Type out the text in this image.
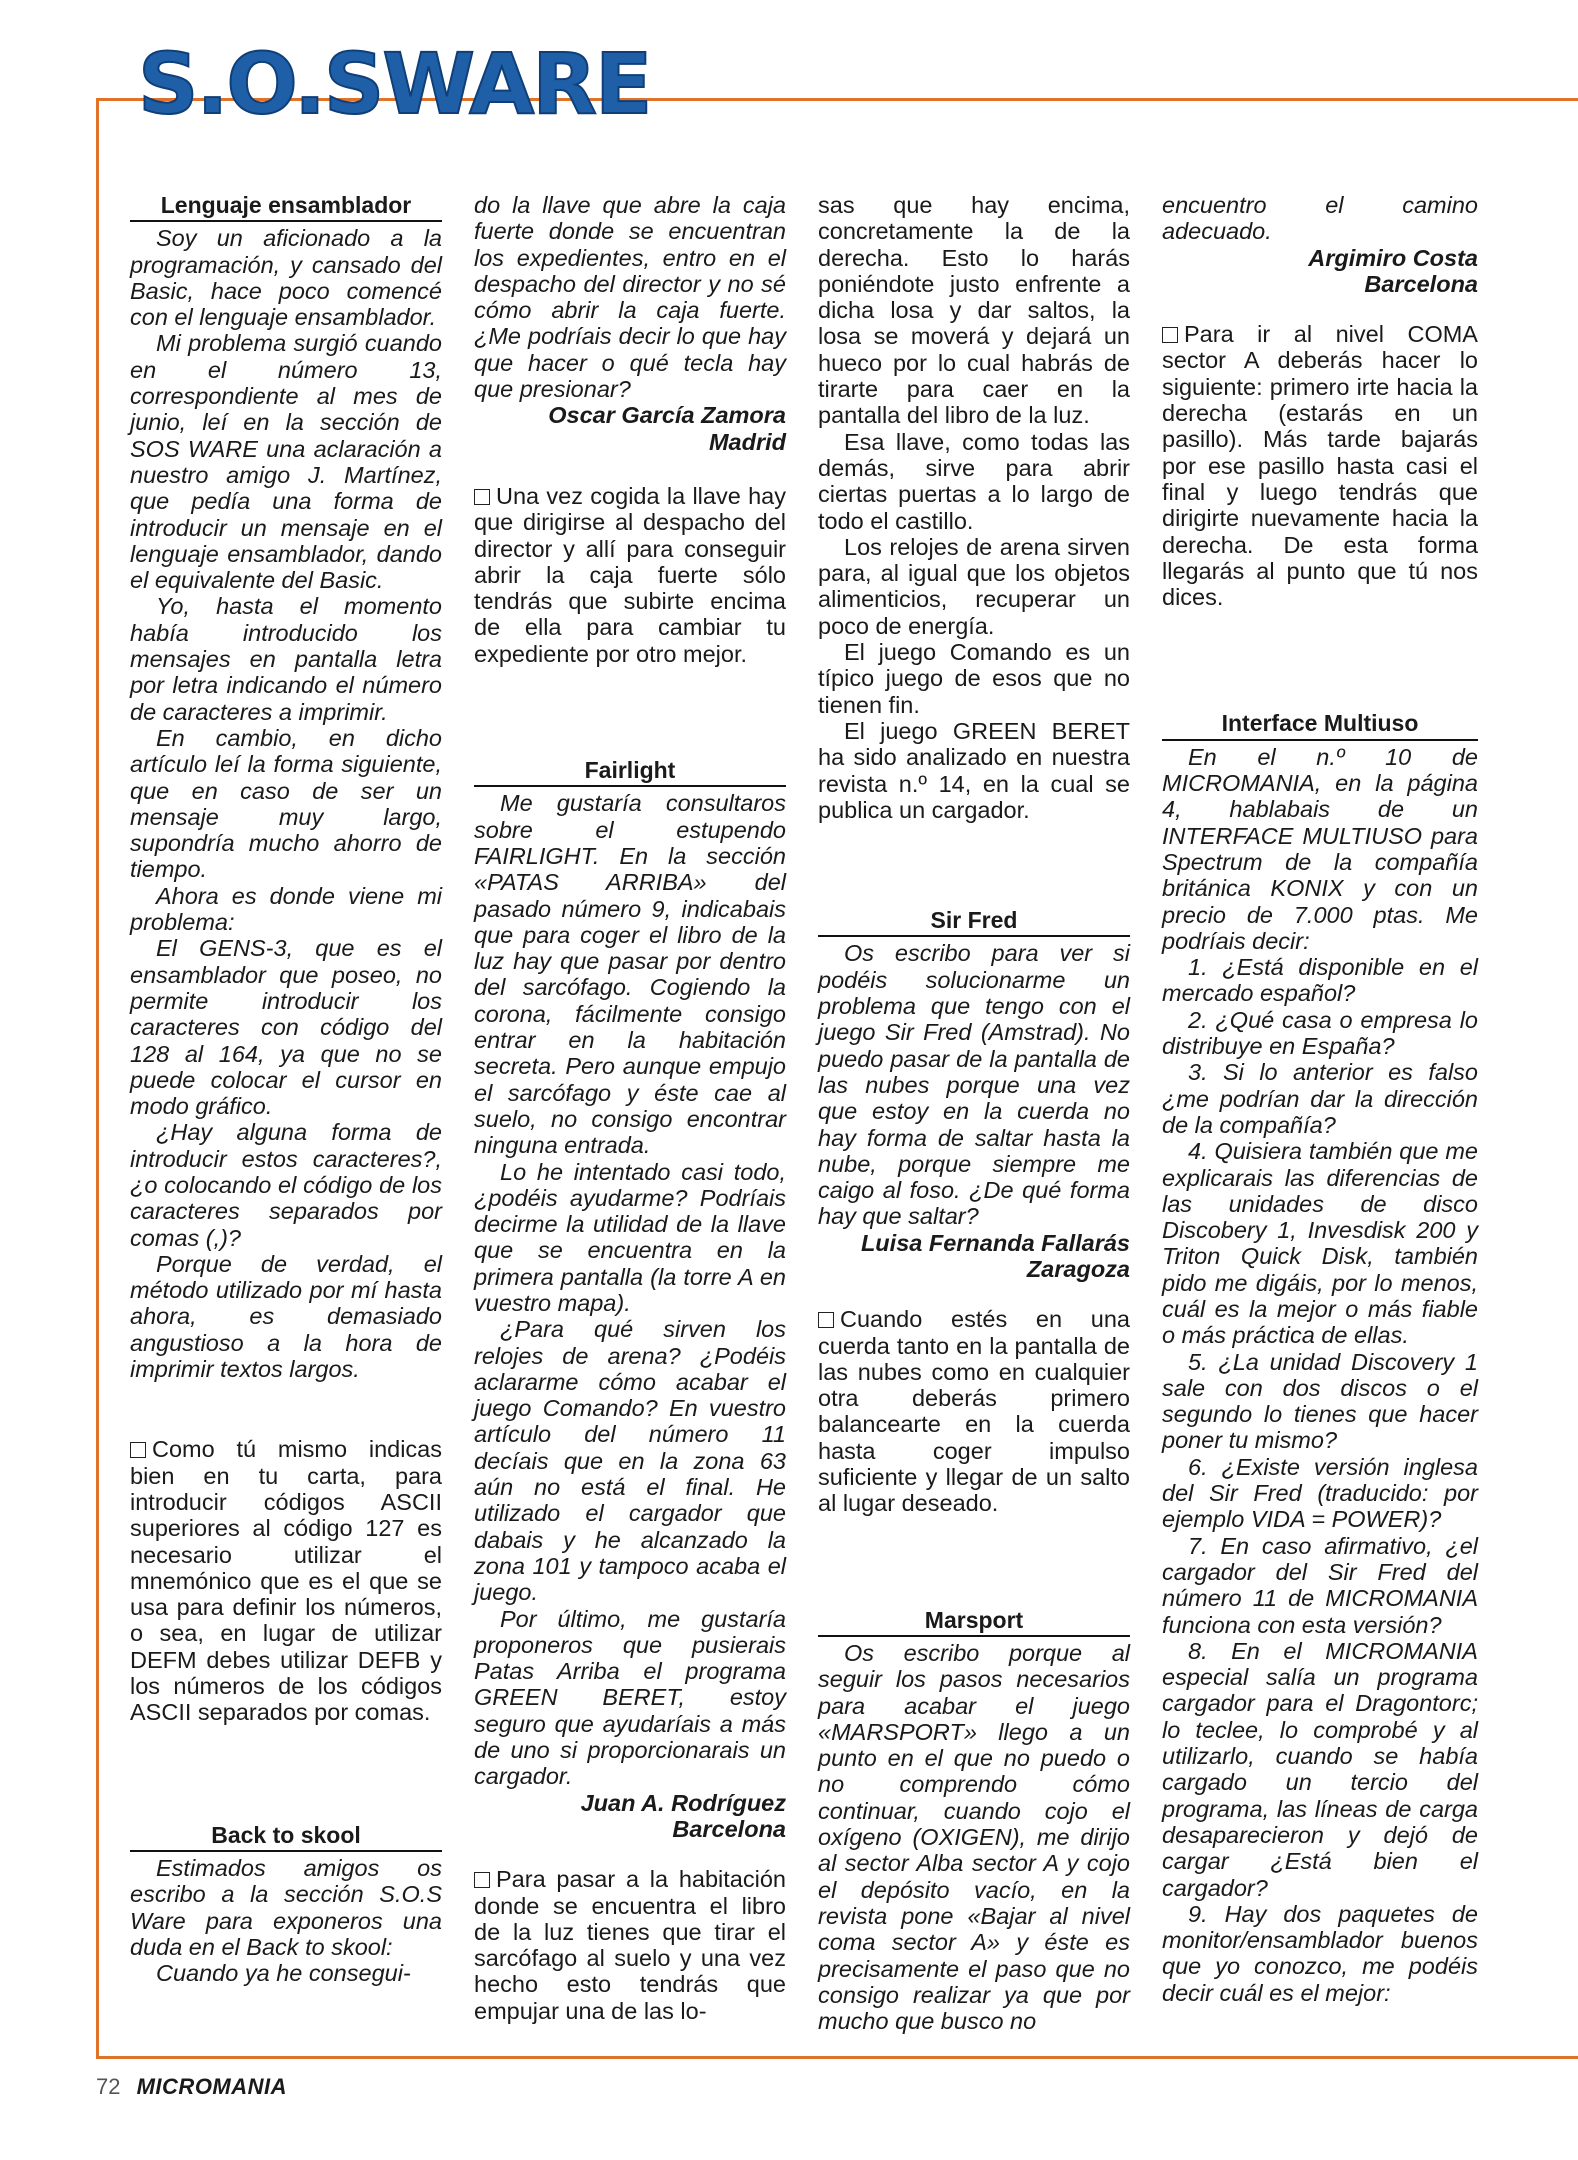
S.O.SWARE
Lenguaje ensamblador

Soy un aficionado a la programación, y cansado del Basic, hace poco comencé con el lenguaje ensamblador.

Mi problema surgió cuando en el número 13, correspondiente al mes de junio, leí en la sección de SOS WARE una aclaración a nuestro amigo J. Martínez, que pedía una forma de introducir un mensaje en el lenguaje ensamblador, dando el equivalente del Basic.

Yo, hasta el momento había introducido los mensajes en pantalla letra por letra indicando el número de caracteres a imprimir.

En cambio, en dicho artículo leí la forma siguiente, que en caso de ser un mensaje muy largo, supondría mucho ahorro de tiempo.

Ahora es donde viene mi problema:

El GENS-3, que es el ensamblador que poseo, no permite introducir los caracteres con código del 128 al 164, ya que no se puede colocar el cursor en modo gráfico.

¿Hay alguna forma de introducir estos caracteres?, ¿o colocando el código de los caracteres separados por comas (,)?

Porque de verdad, el método utilizado por mí hasta ahora, es demasiado angustioso a la hora de imprimir textos largos.

Como tú mismo indicas bien en tu carta, para introducir códigos ASCII superiores al código 127 es necesario utilizar el mnemónico que es el que se usa para definir los números, o sea, en lugar de utilizar DEFM debes utilizar DEFB y los números de los códigos ASCII separados por comas.

Back to skool

Estimados amigos os escribo a la sección S.O.S Ware para exponeros una duda en el Back to skool:

Cuando ya he consegui-

do la llave que abre la caja fuerte donde se encuentran los expedientes, entro en el despacho del director y no sé cómo abrir la caja fuerte. ¿Me podríais decir lo que hay que hacer o qué tecla hay que presionar?

Oscar García Zamora
Madrid

Una vez cogida la llave hay que dirigirse al despacho del director y allí para conseguir abrir la caja fuerte sólo tendrás que subirte encima de ella para cambiar tu expediente por otro mejor.

Fairlight

Me gustaría consultaros sobre el estupendo FAIRLIGHT. En la sección «PATAS ARRIBA» del pasado número 9, indicabais que para coger el libro de la luz hay que pasar por dentro del sarcófago. Cogiendo la corona, fácilmente consigo entrar en la habitación secreta. Pero aunque empujo el sarcófago y éste cae al suelo, no consigo encontrar ninguna entrada.

Lo he intentado casi todo, ¿podéis ayudarme? Podríais decirme la utilidad de la llave que se encuentra en la primera pantalla (la torre A en vuestro mapa).

¿Para qué sirven los relojes de arena? ¿Podéis aclararme cómo acabar el juego Comando? En vuestro artículo del número 11 decíais que en la zona 63 aún no está el final. He utilizado el cargador que dabais y he alcanzado la zona 101 y tampoco acaba el juego.

Por último, me gustaría proponeros que pusierais Patas Arriba el programa GREEN BERET, estoy seguro que ayudaríais a más de uno si proporcionarais un cargador.

Juan A. Rodríguez
Barcelona

Para pasar a la habitación donde se encuentra el libro de la luz tienes que tirar el sarcófago al suelo y una vez hecho esto tendrás que empujar una de las lo-

sas que hay encima, concretamente la de la derecha. Esto lo harás poniéndote justo enfrente a dicha losa y dar saltos, la losa se moverá y dejará un hueco por lo cual habrás de tirarte para caer en la pantalla del libro de la luz.

Esa llave, como todas las demás, sirve para abrir ciertas puertas a lo largo de todo el castillo.

Los relojes de arena sirven para, al igual que los objetos alimenticios, recuperar un poco de energía.

El juego Comando es un típico juego de esos que no tienen fin.

El juego GREEN BERET ha sido analizado en nuestra revista n.º 14, en la cual se publica un cargador.

Sir Fred

Os escribo para ver si podéis solucionarme un problema que tengo con el juego Sir Fred (Amstrad). No puedo pasar de la pantalla de las nubes porque una vez que estoy en la cuerda no hay forma de saltar hasta la nube, porque siempre me caigo al foso. ¿De qué forma hay que saltar?

Luisa Fernanda Fallarás
Zaragoza

Cuando estés en una cuerda tanto en la pantalla de las nubes como en cualquier otra deberás primero balancearte en la cuerda hasta coger impulso suficiente y llegar de un salto al lugar deseado.

Marsport

Os escribo porque al seguir los pasos necesarios para acabar el juego «MARSPORT» llego a un punto en el que no puedo o no comprendo cómo continuar, cuando cojo el oxígeno (OXIGEN), me dirijo al sector Alba sector A y cojo el depósito vacío, en la revista pone «Bajar al nivel coma sector A» y éste es precisamente el paso que no consigo realizar ya que por mucho que busco no

encuentro el camino adecuado.

Argimiro Costa
Barcelona

Para ir al nivel COMA sector A deberás hacer lo siguiente: primero irte hacia la derecha (estarás en un pasillo). Más tarde bajarás por ese pasillo hasta casi el final y luego tendrás que dirigirte nuevamente hacia la derecha. De esta forma llegarás al punto que tú nos dices.

Interface Multiuso

En el n.º 10 de MICROMANIA, en la página 4, hablabais de un INTERFACE MULTIUSO para Spectrum de la compañía británica KONIX y con un precio de 7.000 ptas. Me podríais decir:

1. ¿Está disponible en el mercado español?

2. ¿Qué casa o empresa lo distribuye en España?

3. Si lo anterior es falso ¿me podrían dar la dirección de la compañía?

4. Quisiera también que me explicarais las diferencias de las unidades de disco Discobery 1, Invesdisk 200 y Triton Quick Disk, también pido me digáis, por lo menos, cuál es la mejor o más fiable o más práctica de ellas.

5. ¿La unidad Discovery 1 sale con dos discos o el segundo lo tienes que hacer poner tu mismo?

6. ¿Existe versión inglesa del Sir Fred (traducido: por ejemplo VIDA = POWER)?

7. En caso afirmativo, ¿el cargador del Sir Fred del número 11 de MICROMANIA funciona con esta versión?

8. En el MICROMANIA especial salía un programa cargador para el Dragontorc; lo teclee, lo comprobé y al utilizarlo, cuando se había cargado un tercio del programa, las líneas de carga desaparecieron y dejó de cargar ¿Está bien el cargador?

9. Hay dos paquetes de monitor/ensamblador buenos que yo conozco, me podéis decir cuál es el mejor:

72 MICROMANIA
